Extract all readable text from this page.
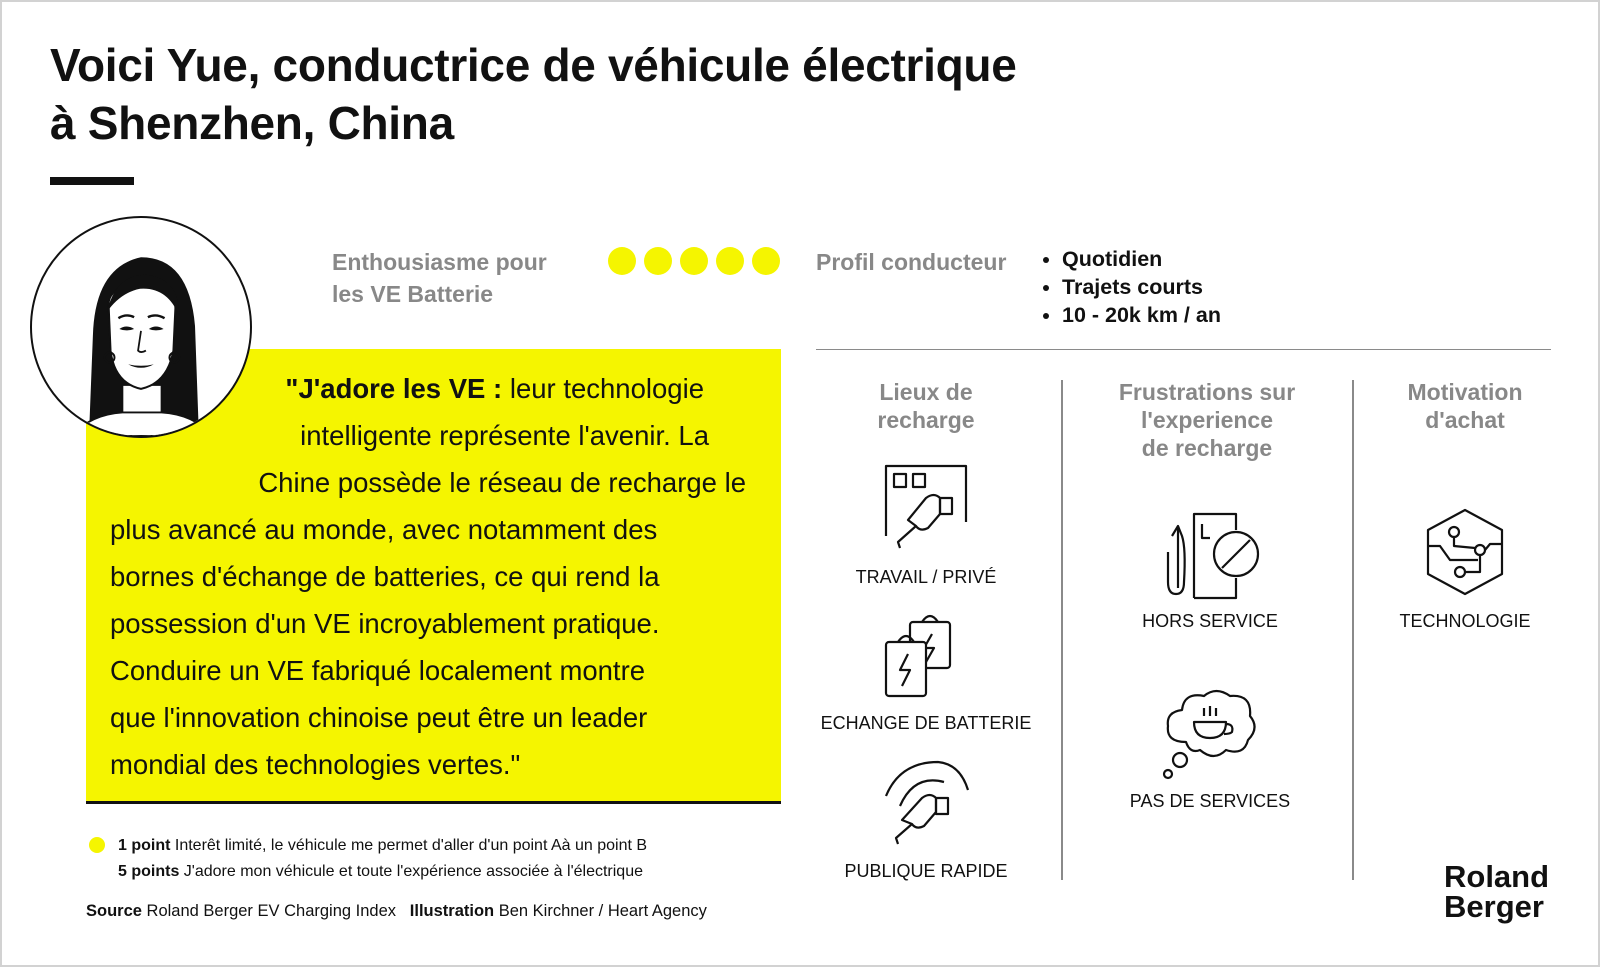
Voici Yue, conductrice de véhicule électrique
à Shenzhen, China
"J'adore les VE : leur technologie
intelligente représente l'avenir. La
Chine possède le réseau de recharge le
plus avancé au monde, avec notamment des
bornes d'échange de batteries, ce qui rend la
possession d'un VE incroyablement pratique.
Conduire un VE fabriqué localement montre
que l'innovation chinoise peut être un leader
mondial des technologies vertes."
Enthousiasme pour
les VE Batterie
Profil conducteur
•	Quotidien
• Trajets courts
• 10 - 20k km / an
Lieux de
recharge
Frustrations sur
l'experience
de recharge
Motivation
d'achat
TRAVAIL / PRIVÉ
ECHANGE DE BATTERIE
PUBLIQUE RAPIDE
HORS SERVICE
PAS DE SERVICES
TECHNOLOGIE
1 point Interêt limité, le véhicule me permet d'aller d'un point Aà un point B
5 points J'adore mon véhicule et toute l'expérience associée à l'électrique
Source Roland Berger EV Charging Index Illustration Ben Kirchner / Heart Agency
Roland
Berger
